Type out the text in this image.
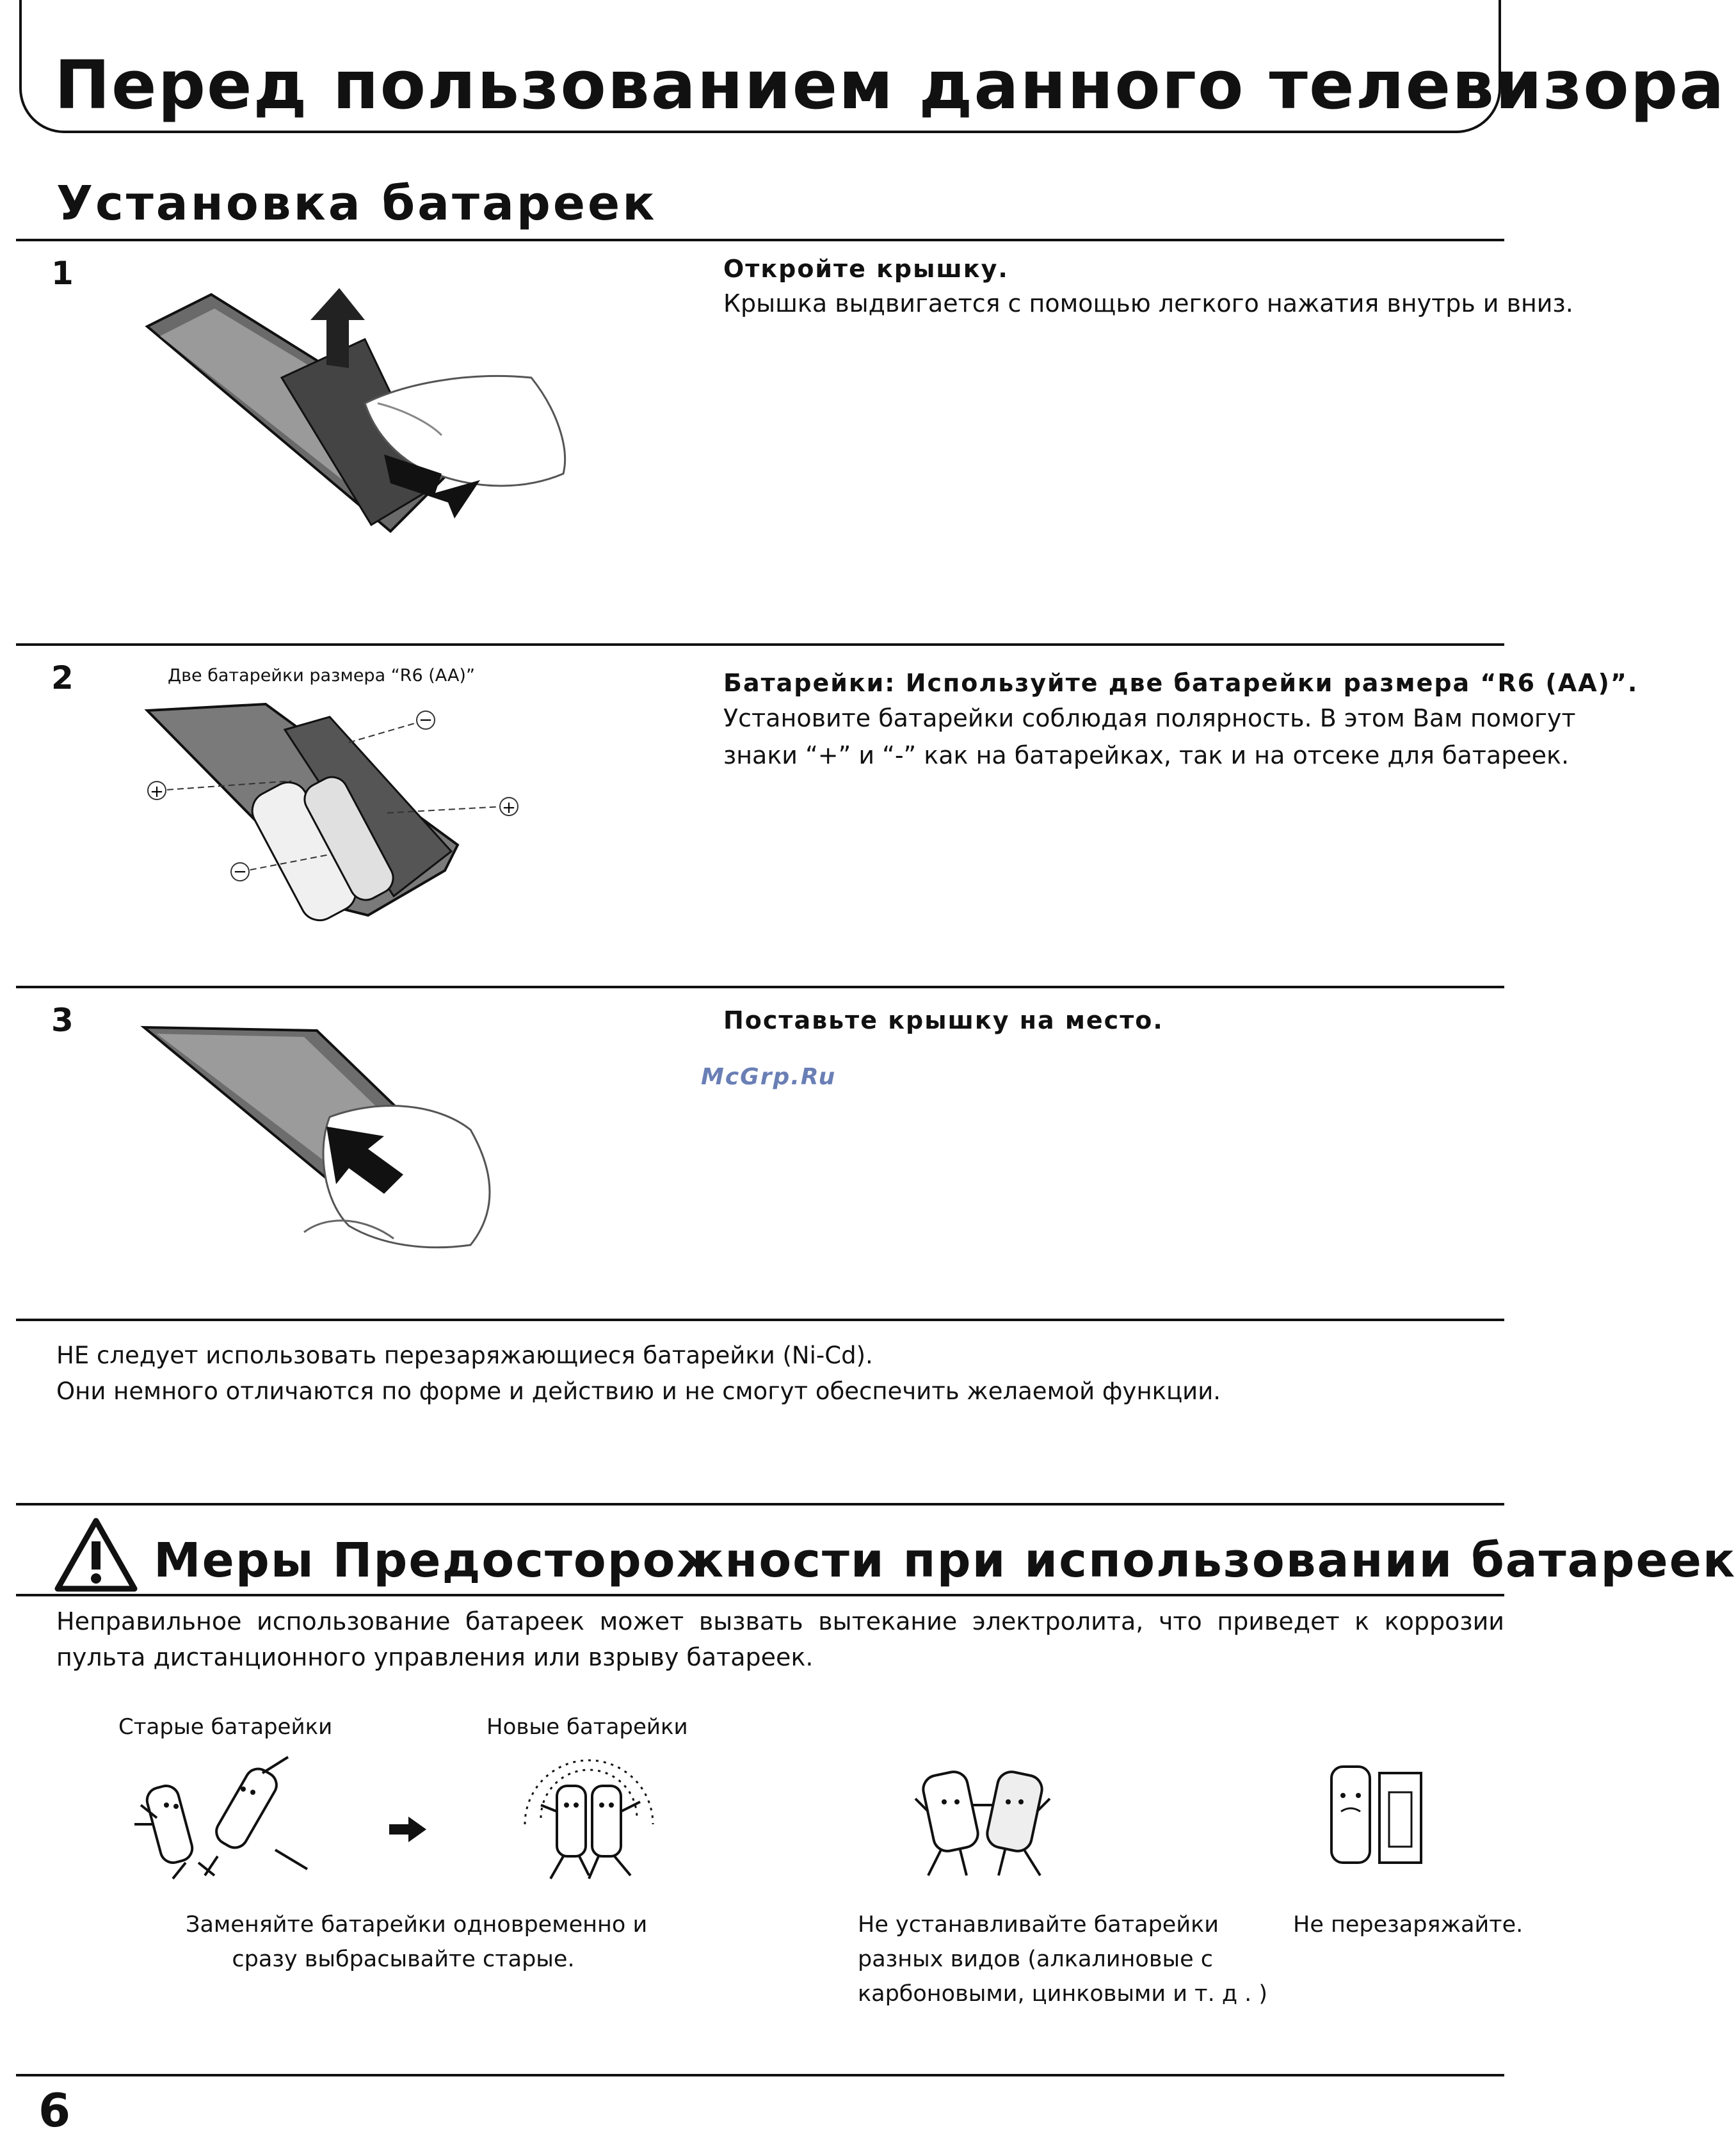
Перед пользованием данного телевизора
Установка батареек
1	Откройте крышку.
Крышка выдвигается с помощью легкого нажатия внутрь и вниз.
2	Две батарейки размера “R6 (AA)”
+
−
−
+
Батарейки: Используйте две батарейки размера “R6 (AA)”.
Установите батарейки соблюдая полярность. В этом Вам помогут
знаки “+” и “-” как на батарейках, так и на отсеке для батареек.
3	Поставьте крышку на место.
McGrp.Ru
НЕ следует использовать перезаряжающиеся батарейки (Ni-Cd).
Они немного отличаются по форме и действию и не смогут обеспечить желаемой функции.
Меры Предосторожности при использовании батареек
Неправильное использование батареек может вызвать вытекание электролита, что приведет к коррозии пульта дистанционного управления или взрыву батареек.
Старые батарейки	Новые батарейки
Заменяйте батарейки одновременно и
сразу выбрасывайте старые.
Не устанавливайте батарейки
разных видов (алкалиновые с
карбоновыми, цинковыми и т. д . )
Не перезаряжайте.
6
